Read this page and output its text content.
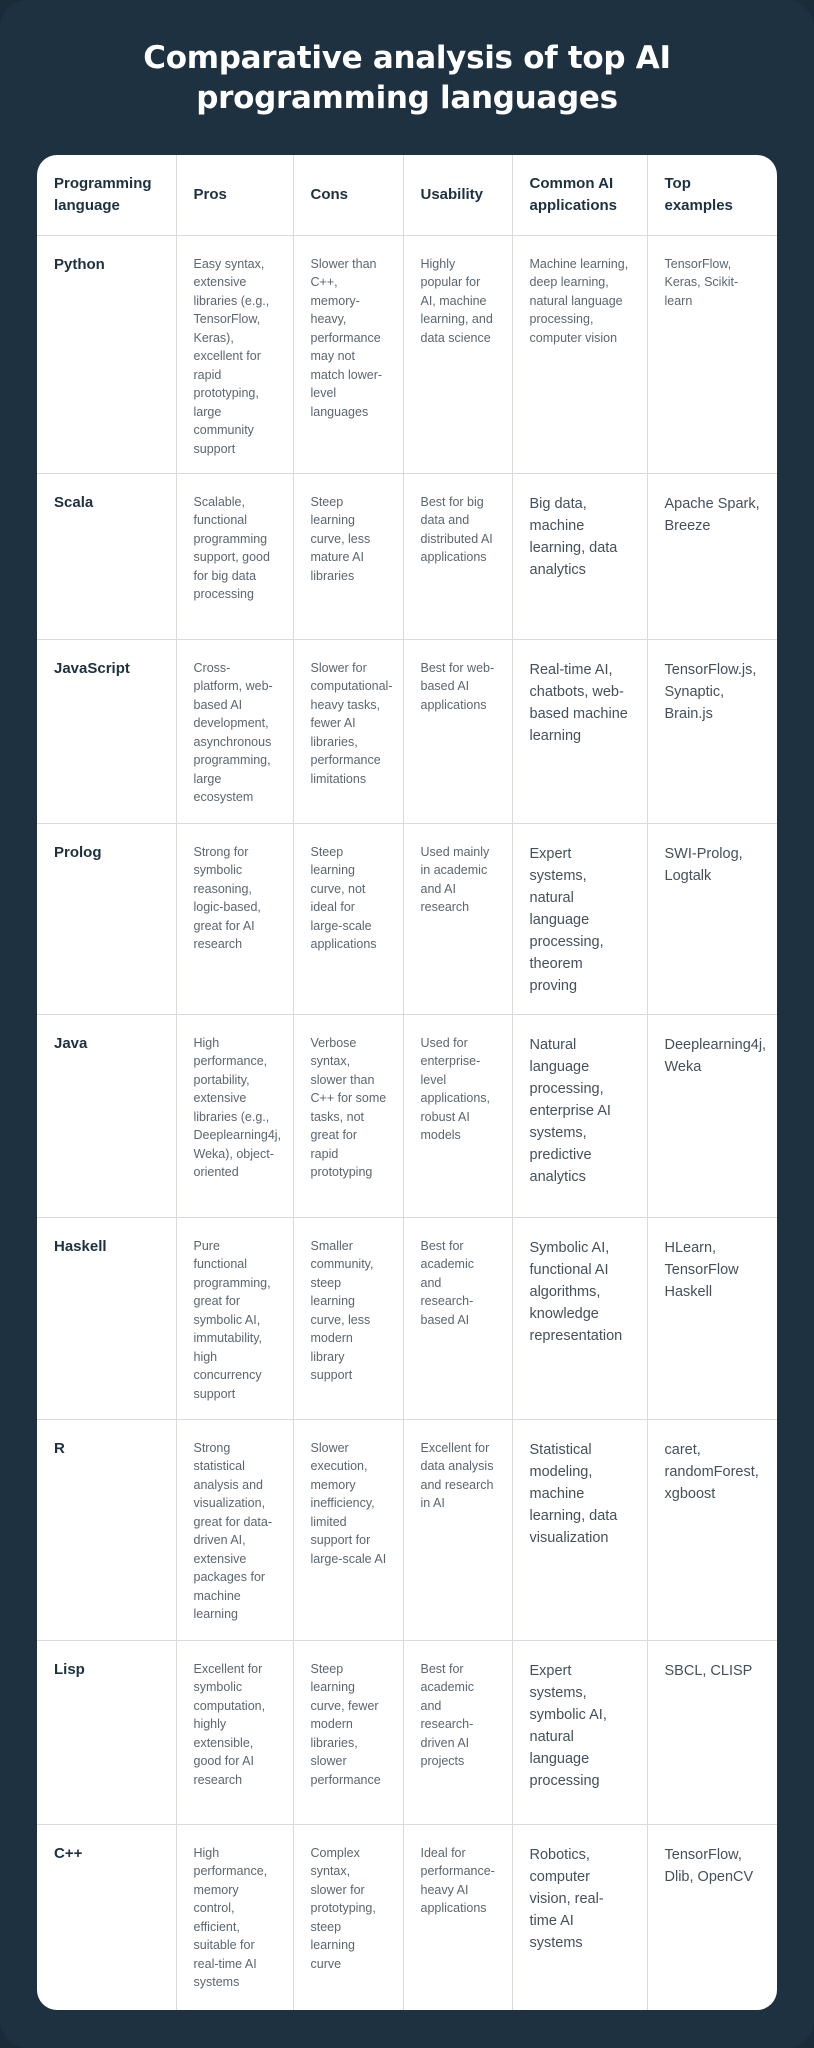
Comparative analysis of top AI programming languages
Programming language	Pros	Cons	Usability	Common AI applications	Top examples
Python	Easy syntax, extensive libraries (e.g., TensorFlow, Keras), excellent for rapid prototyping, large community support	Slower than C++, memory-heavy, performance may not match lower-level languages	Highly popular for AI, machine learning, and data science	Machine learning, deep learning, natural language processing, computer vision	TensorFlow, Keras, Scikit-learn
Scala	Scalable, functional programming support, good for big data processing	Steep learning curve, less mature AI libraries	Best for big data and distributed AI applications	Big data, machine learning, data analytics	Apache Spark, Breeze
JavaScript	Cross-platform, web-based AI development, asynchronous programming, large ecosystem	Slower for computational-heavy tasks, fewer AI libraries, performance limitations	Best for web-based AI applications	Real-time AI, chatbots, web-based machine learning	TensorFlow.js, Synaptic, Brain.js
Prolog	Strong for symbolic reasoning, logic-based, great for AI research	Steep learning curve, not ideal for large-scale applications	Used mainly in academic and AI research	Expert systems, natural language processing, theorem proving	SWI-Prolog, Logtalk
Java	High performance, portability, extensive libraries (e.g., Deeplearning4j, Weka), object-oriented	Verbose syntax, slower than C++ for some tasks, not great for rapid prototyping	Used for enterprise-level applications, robust AI models	Natural language processing, enterprise AI systems, predictive analytics	Deeplearning4j, Weka
Haskell	Pure functional programming, great for symbolic AI, immutability, high concurrency support	Smaller community, steep learning curve, less modern library support	Best for academic and research-based AI	Symbolic AI, functional AI algorithms, knowledge representation	HLearn, TensorFlow Haskell
R	Strong statistical analysis and visualization, great for data-driven AI, extensive packages for machine learning	Slower execution, memory inefficiency, limited support for large-scale AI	Excellent for data analysis and research in AI	Statistical modeling, machine learning, data visualization	caret, randomForest, xgboost
Lisp	Excellent for symbolic computation, highly extensible, good for AI research	Steep learning curve, fewer modern libraries, slower performance	Best for academic and research-driven AI projects	Expert systems, symbolic AI, natural language processing	SBCL, CLISP
C++	High performance, memory control, efficient, suitable for real-time AI systems	Complex syntax, slower for prototyping, steep learning curve	Ideal for performance-heavy AI applications	Robotics, computer vision, real-time AI systems	TensorFlow, Dlib, OpenCV
